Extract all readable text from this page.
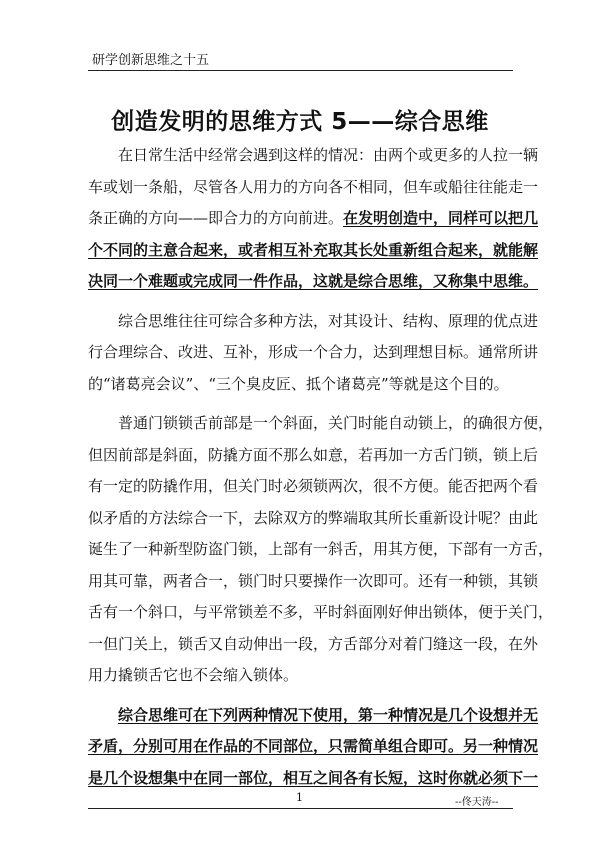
研学创新思维之十五
创造发明的思维方式 5——综合思维
在日常生活中经常会遇到这样的情况：由两个或更多的人拉一辆
车或划一条船，尽管各人用力的方向各不相同，但车或船往往能走一
条正确的方向——即合力的方向前进。在发明创造中，同样可以把几
个不同的主意合起来，或者相互补充取其长处重新组合起来，就能解
决同一个难题或完成同一件作品，这就是综合思维，又称集中思维。
综合思维往往可综合多种方法，对其设计、结构、原理的优点进
行合理综合、改进、互补，形成一个合力，达到理想目标。通常所讲
的“诸葛亮会议”、“三个臭皮匠、抵个诸葛亮”等就是这个目的。
普通门锁锁舌前部是一个斜面，关门时能自动锁上，的确很方便，
但因前部是斜面，防撬方面不那么如意，若再加一方舌门锁，锁上后
有一定的防撬作用，但关门时必须锁两次，很不方便。能否把两个看
似矛盾的方法综合一下，去除双方的弊端取其所长重新设计呢？由此
诞生了一种新型防盗门锁，上部有一斜舌，用其方便，下部有一方舌，
用其可靠，两者合一，锁门时只要操作一次即可。还有一种锁，其锁
舌有一个斜口，与平常锁差不多，平时斜面刚好伸出锁体，便于关门，
一但门关上，锁舌又自动伸出一段，方舌部分对着门缝这一段，在外
用力撬锁舌它也不会缩入锁体。
综合思维可在下列两种情况下使用，第一种情况是几个设想并无
矛盾，分别可用在作品的不同部位，只需简单组合即可。另一种情况
是几个设想集中在同一部位，相互之间各有长短，这时你就必须下一
1	--佟天涛--
